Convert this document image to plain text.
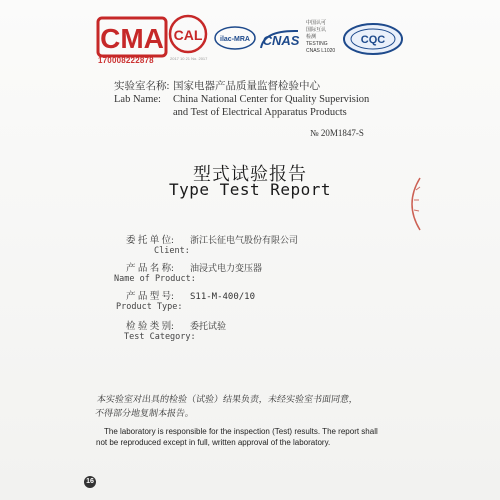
CMA
170008222878
CAL
2017 10 21 No. 2017
ilac-MRA CNAS
中国认可
国际互认
检测
TESTING
CNAS L1020
CQC
实验室名称: 国家电器产品质量监督检验中心
Lab Name: China National Center for Quality Supervision
and Test of Electrical Apparatus Products
№ 20M1847-S
型式试验报告
Type Test Report
委 托 单 位: 浙江长征电气股份有限公司
Client:
产 品 名 称: 油浸式电力变压器
Name of Product:
产 品 型 号: S11-M-400/10
Product Type:
检 验 类 别: 委托试验
Test Category:
本实验室对出具的检验（试验）结果负责，未经实验室书面同意，
不得部分地复制本报告。
The laboratory is responsible for the inspection (Test) results. The report shall
not be reproduced except in full, written approval of the laboratory.
16
